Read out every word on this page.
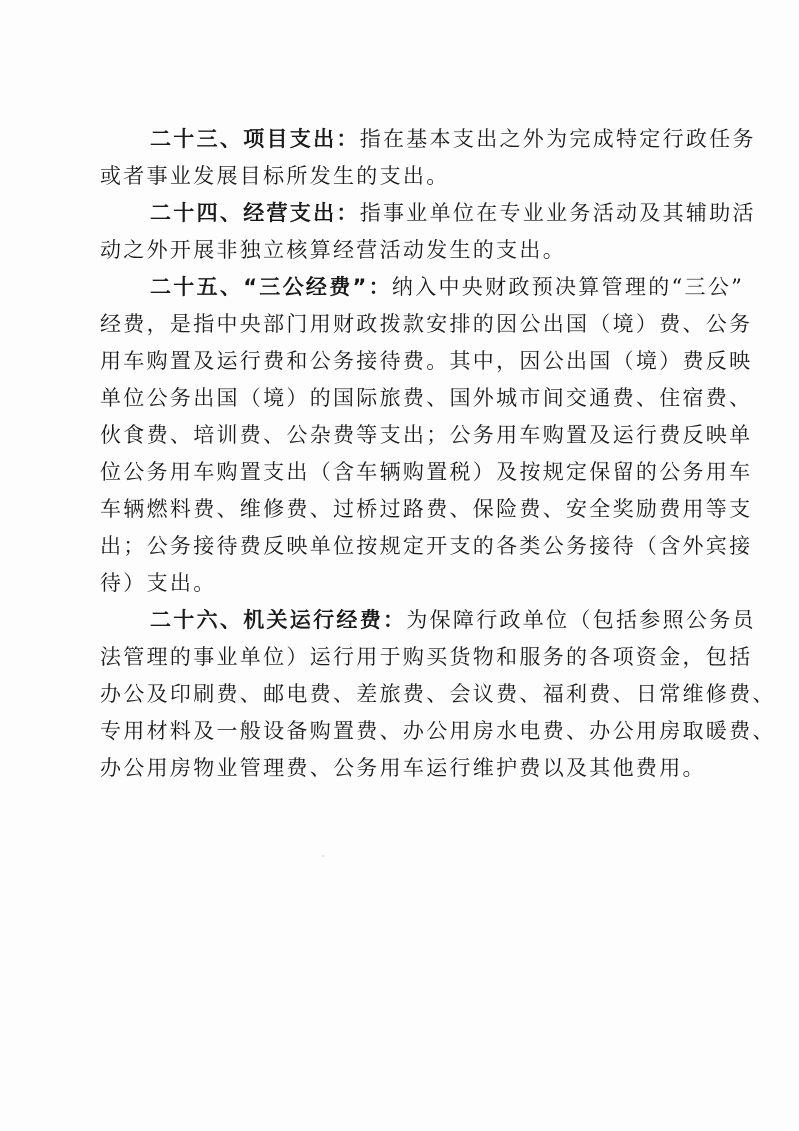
二十三、项目支出：指在基本支出之外为完成特定行政任务
或者事业发展目标所发生的支出。
二十四、经营支出：指事业单位在专业业务活动及其辅助活
动之外开展非独立核算经营活动发生的支出。
二十五、“三公经费”：纳入中央财政预决算管理的“三公”
经费，是指中央部门用财政拨款安排的因公出国（境）费、公务
用车购置及运行费和公务接待费。其中，因公出国（境）费反映
单位公务出国（境）的国际旅费、国外城市间交通费、住宿费、
伙食费、培训费、公杂费等支出；公务用车购置及运行费反映单
位公务用车购置支出（含车辆购置税）及按规定保留的公务用车
车辆燃料费、维修费、过桥过路费、保险费、安全奖励费用等支
出；公务接待费反映单位按规定开支的各类公务接待（含外宾接
待）支出。
二十六、机关运行经费：为保障行政单位（包括参照公务员
法管理的事业单位）运行用于购买货物和服务的各项资金，包括
办公及印刷费、邮电费、差旅费、会议费、福利费、日常维修费、
专用材料及一般设备购置费、办公用房水电费、办公用房取暖费、
办公用房物业管理费、公务用车运行维护费以及其他费用。
